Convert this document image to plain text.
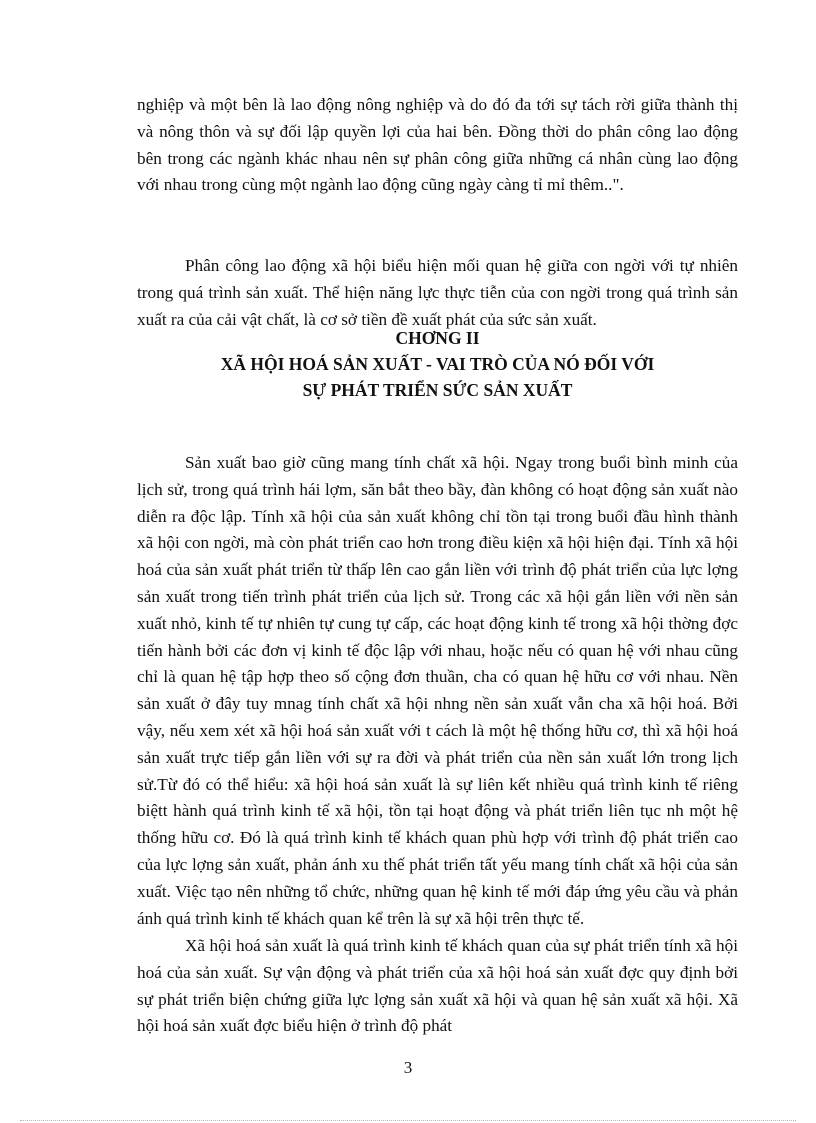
nghiệp và một bên là lao động nông nghiệp và do đó đa tới sự tách rời giữa thành thị và nông thôn và sự đối lập quyền lợi của hai bên. Đồng thời do phân công lao động bên trong các ngành khác nhau nên sự phân công giữa những cá nhân cùng lao động với nhau trong cùng một ngành lao động cũng ngày càng tỉ mỉ thêm..".

Phân công lao động xã hội biểu hiện mối quan hệ giữa con ngời với tự nhiên trong quá trình sản xuất. Thể hiện năng lực thực tiễn của con ngời trong quá trình sản xuất ra của cải vật chất, là cơ sở tiền đề xuất phát của sức sản xuất.

CHƠNG II
XÃ HỘI HOÁ SẢN XUẤT - VAI TRÒ CỦA NÓ ĐỐI VỚI
SỰ PHÁT TRIỂN SỨC SẢN XUẤT

Sản xuất bao giờ cũng mang tính chất xã hội. Ngay trong buổi bình minh của lịch sử, trong quá trình hái lợm, săn bắt theo bầy, đàn không có hoạt động sản xuất nào diễn ra độc lập. Tính xã hội của sản xuất không chỉ tồn tại trong buổi đầu hình thành xã hội con ngời, mà còn phát triển cao hơn trong điều kiện xã hội hiện đại. Tính xã hội hoá của sản xuất phát triển từ thấp lên cao gắn liền với trình độ phát triển của lực lợng sản xuất trong tiến trình phát triển của lịch sử. Trong các xã hội gắn liền với nền sản xuất nhỏ, kinh tế tự nhiên tự cung tự cấp, các hoạt động kinh tế trong xã hội thờng đợc tiến hành bởi các đơn vị kinh tế độc lập với nhau, hoặc nếu có quan hệ với nhau cũng chỉ là quan hệ tập hợp theo số cộng đơn thuần, cha có quan hệ hữu cơ với nhau. Nền sản xuất ở đây tuy mnag tính chất xã hội nhng nền sản xuất vẫn cha xã hội hoá. Bởi vậy, nếu xem xét xã hội hoá sản xuất với t cách là một hệ thống hữu cơ, thì xã hội hoá sản xuất trực tiếp gắn liền với sự ra đời và phát triển của nền sản xuất lớn trong lịch sử.Từ đó có thể hiểu: xã hội hoá sản xuất là sự liên kết nhiều quá trình kinh tế riêng biệtt hành quá trình kinh tế xã hội, tồn tại hoạt động và phát triển liên tục nh một hệ thống hữu cơ. Đó là quá trình kinh tế khách quan phù hợp với trình độ phát triển cao của lực lợng sản xuất, phản ánh xu thế phát triển tất yếu mang tính chất xã hội của sản xuất. Việc tạo nên những tổ chức, những quan hệ kinh tế mới đáp ứng yêu cầu và phản ánh quá trình kinh tế khách quan kể trên là sự xã hội trên thực tế.

Xã hội hoá sản xuất là quá trình kinh tế khách quan của sự phát triển tính xã hội hoá của sản xuất. Sự vận động và phát triển của xã hội hoá sản xuất đợc quy định bởi sự phát triển biện chứng giữa lực lợng sản xuất xã hội và quan hệ sản xuất xã hội. Xã hội hoá sản xuất đợc biểu hiện ở trình độ phát

3
